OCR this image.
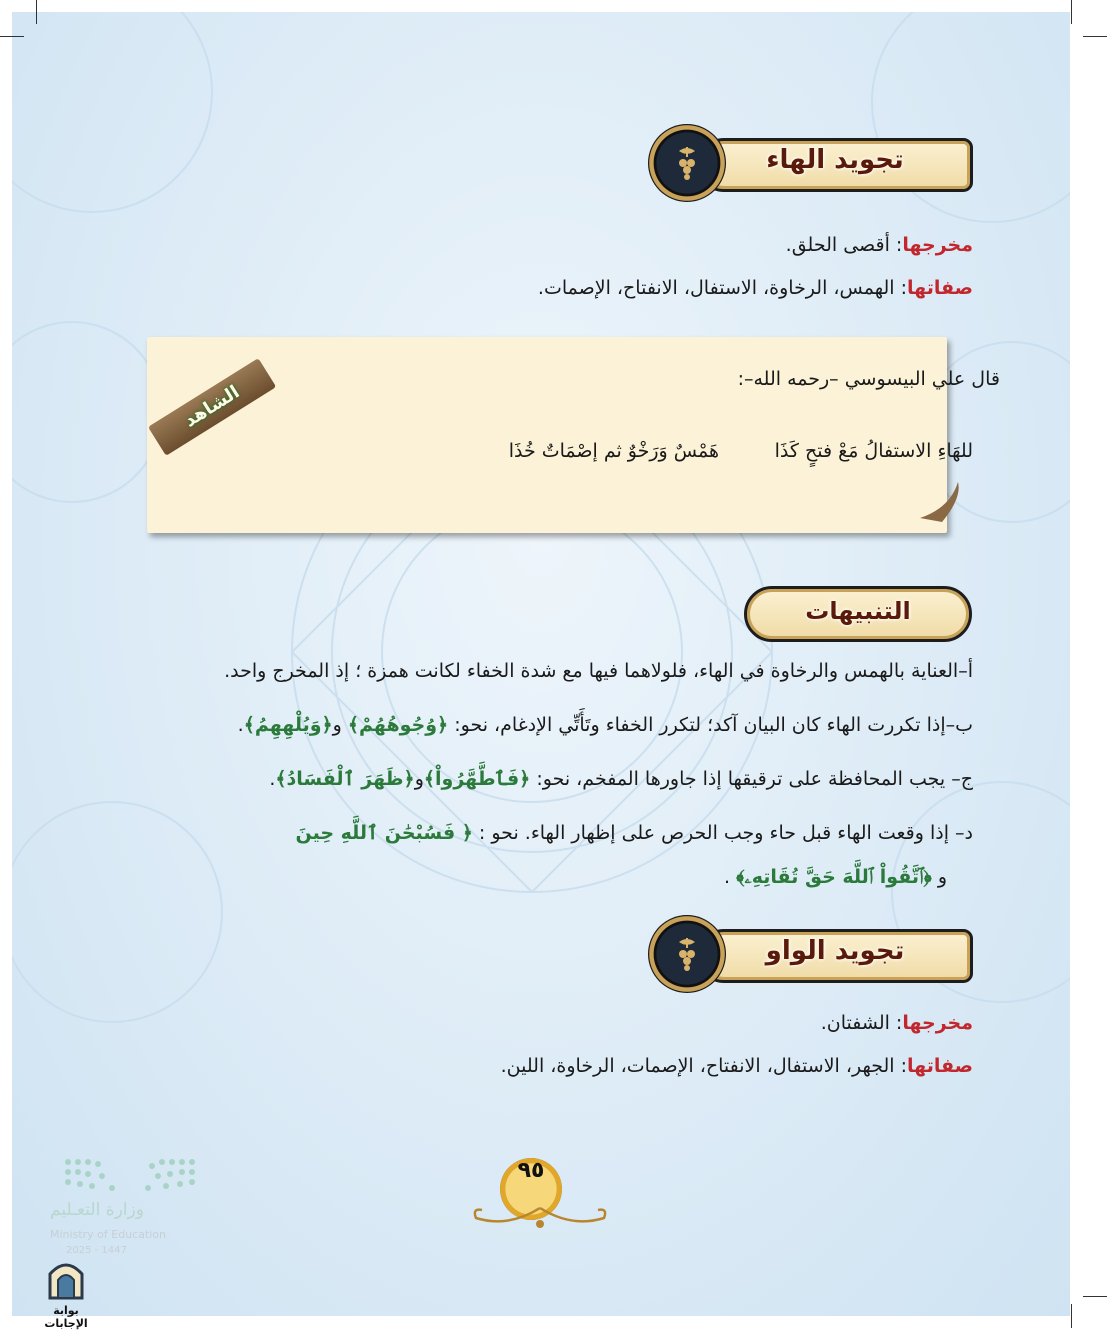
تجويد الهاء
مخرجها: أقصى الحلق.
صفاتها: الهمس، الرخاوة، الاستفال، الانفتاح، الإصمات.
الشاهد
قال علي البيسوسي –رحمه الله–:
للهَاءِ الاستفالُ مَعْ فتحٍ كَذَا
هَمْسٌ وَرَخْوٌ ثم إصْمَاتٌ خُذَا
التنبيهات
أ–العناية بالهمس والرخاوة في الهاء، فلولاهما فيها مع شدة الخفاء لكانت همزة ؛ إذ المخرج واحد.
ب–إذا تكررت الهاء كان البيان آكد؛ لتكرر الخفاء وتَأَتِّي الإدغام، نحو: ﴿وُجُوهُهُمْ﴾ و﴿وَيُلْهِهِمُ﴾.
ج– يجب المحافظة على ترقيقها إذا جاورها المفخم، نحو: ﴿فَٱطَّهَّرُواْ﴾و﴿ظَهَرَ ٱلْفَسَادُ﴾.
د– إذا وقعت الهاء قبل حاء وجب الحرص على إظهار الهاء. نحو : ﴿ فَسُبْحَٰنَ ٱللَّهِ حِينَ
و ﴿ٱتَّقُواْ ٱللَّهَ حَقَّ تُقَاتِهِۦ﴾ .
تجويد الواو
مخرجها: الشفتان.
صفاتها: الجهر، الاستفال، الانفتاح، الإصمات، الرخاوة، اللين.
٩٥
وزارة التعـليم
Ministry of Education
2025 - 1447
بوابة الإجابات
